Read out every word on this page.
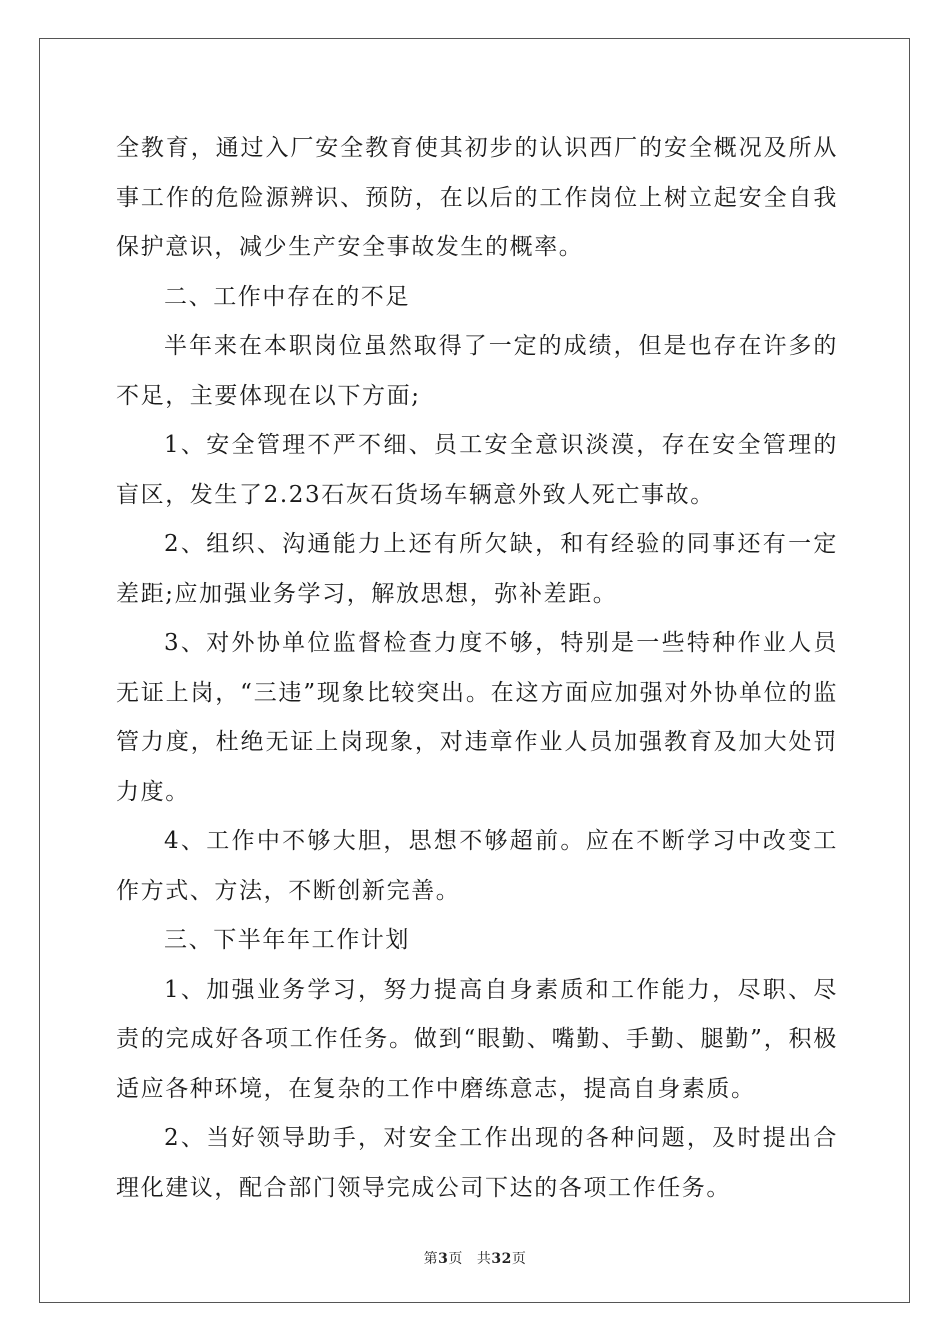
全教育，通过入厂安全教育使其初步的认识西厂的安全概况及所从事工作的危险源辨识、预防，在以后的工作岗位上树立起安全自我保护意识，减少生产安全事故发生的概率。

二、工作中存在的不足

半年来在本职岗位虽然取得了一定的成绩，但是也存在许多的不足，主要体现在以下方面;

1、安全管理不严不细、员工安全意识淡漠，存在安全管理的盲区，发生了2.23石灰石货场车辆意外致人死亡事故。

2、组织、沟通能力上还有所欠缺，和有经验的同事还有一定差距;应加强业务学习，解放思想，弥补差距。

3、对外协单位监督检查力度不够，特别是一些特种作业人员无证上岗，“三违”现象比较突出。在这方面应加强对外协单位的监管力度，杜绝无证上岗现象，对违章作业人员加强教育及加大处罚力度。

4、工作中不够大胆，思想不够超前。应在不断学习中改变工作方式、方法，不断创新完善。

三、下半年年工作计划

1、加强业务学习，努力提高自身素质和工作能力，尽职、尽责的完成好各项工作任务。做到“眼勤、嘴勤、手勤、腿勤”，积极适应各种环境，在复杂的工作中磨练意志，提高自身素质。

2、当好领导助手，对安全工作出现的各种问题，及时提出合理化建议，配合部门领导完成公司下达的各项工作任务。

第3页 共32页
